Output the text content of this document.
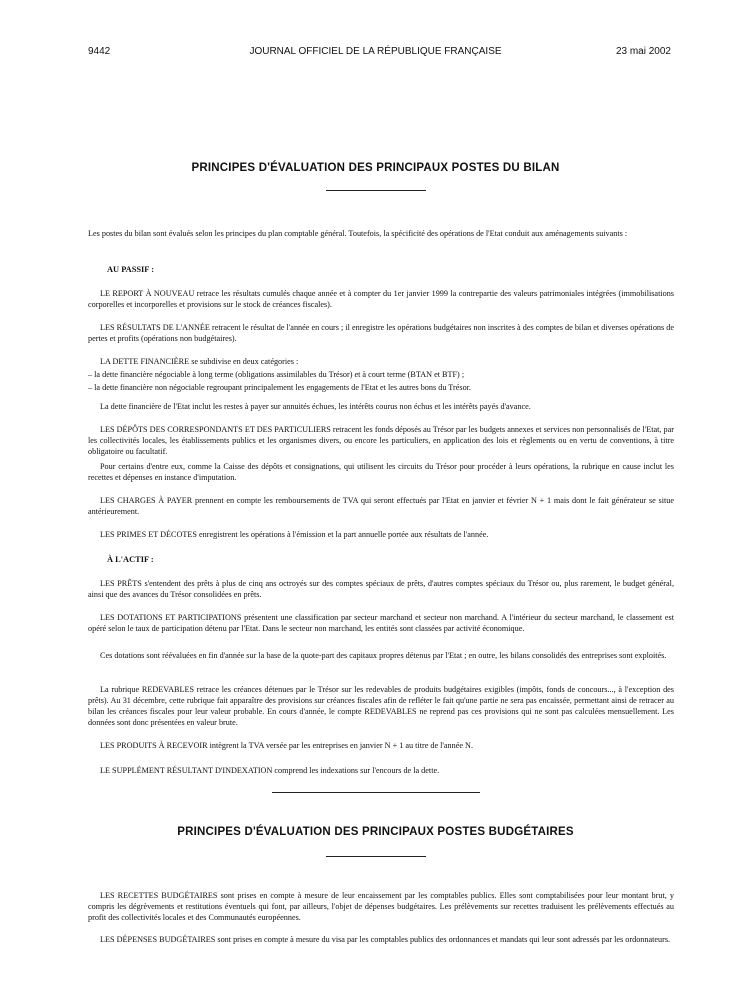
9442	JOURNAL OFFICIEL DE LA RÉPUBLIQUE FRANÇAISE	23 mai 2002
PRINCIPES D'ÉVALUATION DES PRINCIPAUX POSTES DU BILAN
Les postes du bilan sont évalués selon les principes du plan comptable général. Toutefois, la spécificité des opérations de l'Etat conduit aux aménagements suivants :
AU PASSIF :
LE REPORT À NOUVEAU retrace les résultats cumulés chaque année et à compter du 1er janvier 1999 la contrepartie des valeurs patrimoniales intégrées (immobilisations corporelles et incorporelles et provisions sur le stock de créances fiscales).
LES RÉSULTATS DE L'ANNÉE retracent le résultat de l'année en cours ; il enregistre les opérations budgétaires non inscrites à des comptes de bilan et diverses opérations de pertes et profits (opérations non budgétaires).
LA DETTE FINANCIÈRE se subdivise en deux catégories :
– la dette financière négociable à long terme (obligations assimilables du Trésor) et à court terme (BTAN et BTF) ;
– la dette financière non négociable regroupant principalement les engagements de l'Etat et les autres bons du Trésor.
La dette financière de l'Etat inclut les restes à payer sur annuités échues, les intérêts courus non échus et les intérêts payés d'avance.
LES DÉPÔTS DES CORRESPONDANTS ET DES PARTICULIERS retracent les fonds déposés au Trésor par les budgets annexes et services non personnalisés de l'Etat, par les collectivités locales, les établissements publics et les organismes divers, ou encore les particuliers, en application des lois et règlements ou en vertu de conventions, à titre obligatoire ou facultatif.
Pour certains d'entre eux, comme la Caisse des dépôts et consignations, qui utilisent les circuits du Trésor pour procéder à leurs opérations, la rubrique en cause inclut les recettes et dépenses en instance d'imputation.
LES CHARGES À PAYER prennent en compte les remboursements de TVA qui seront effectués par l'Etat en janvier et février N + 1 mais dont le fait générateur se situe antérieurement.
LES PRIMES ET DÉCOTES enregistrent les opérations à l'émission et la part annuelle portée aux résultats de l'année.
À L'ACTIF :
LES PRÊTS s'entendent des prêts à plus de cinq ans octroyés sur des comptes spéciaux de prêts, d'autres comptes spéciaux du Trésor ou, plus rarement, le budget général, ainsi que des avances du Trésor consolidées en prêts.
LES DOTATIONS ET PARTICIPATIONS présentent une classification par secteur marchand et secteur non marchand. A l'intérieur du secteur marchand, le classement est opéré selon le taux de participation détenu par l'Etat. Dans le secteur non marchand, les entités sont classées par activité économique.
Ces dotations sont réévaluées en fin d'année sur la base de la quote-part des capitaux propres détenus par l'Etat ; en outre, les bilans consolidés des entreprises sont exploités.
La rubrique REDEVABLES retrace les créances détenues par le Trésor sur les redevables de produits budgétaires exigibles (impôts, fonds de concours..., à l'exception des prêts). Au 31 décembre, cette rubrique fait apparaître des provisions sur créances fiscales afin de refléter le fait qu'une partie ne sera pas encaissée, permettant ainsi de retracer au bilan les créances fiscales pour leur valeur probable. En cours d'année, le compte REDEVABLES ne reprend pas ces provisions qui ne sont pas calculées mensuellement. Les données sont donc présentées en valeur brute.
LES PRODUITS À RECEVOIR intègrent la TVA versée par les entreprises en janvier N + 1 au titre de l'année N.
LE SUPPLÉMENT RÉSULTANT D'INDEXATION comprend les indexations sur l'encours de la dette.
PRINCIPES D'ÉVALUATION DES PRINCIPAUX POSTES BUDGÉTAIRES
LES RECETTES BUDGÉTAIRES sont prises en compte à mesure de leur encaissement par les comptables publics. Elles sont comptabilisées pour leur montant brut, y compris les dégrèvements et restitutions éventuels qui font, par ailleurs, l'objet de dépenses budgétaires. Les prélèvements sur recettes traduisent les prélèvements effectués au profit des collectivités locales et des Communautés européennes.
LES DÉPENSES BUDGÉTAIRES sont prises en compte à mesure du visa par les comptables publics des ordonnances et mandats qui leur sont adressés par les ordonnateurs.
